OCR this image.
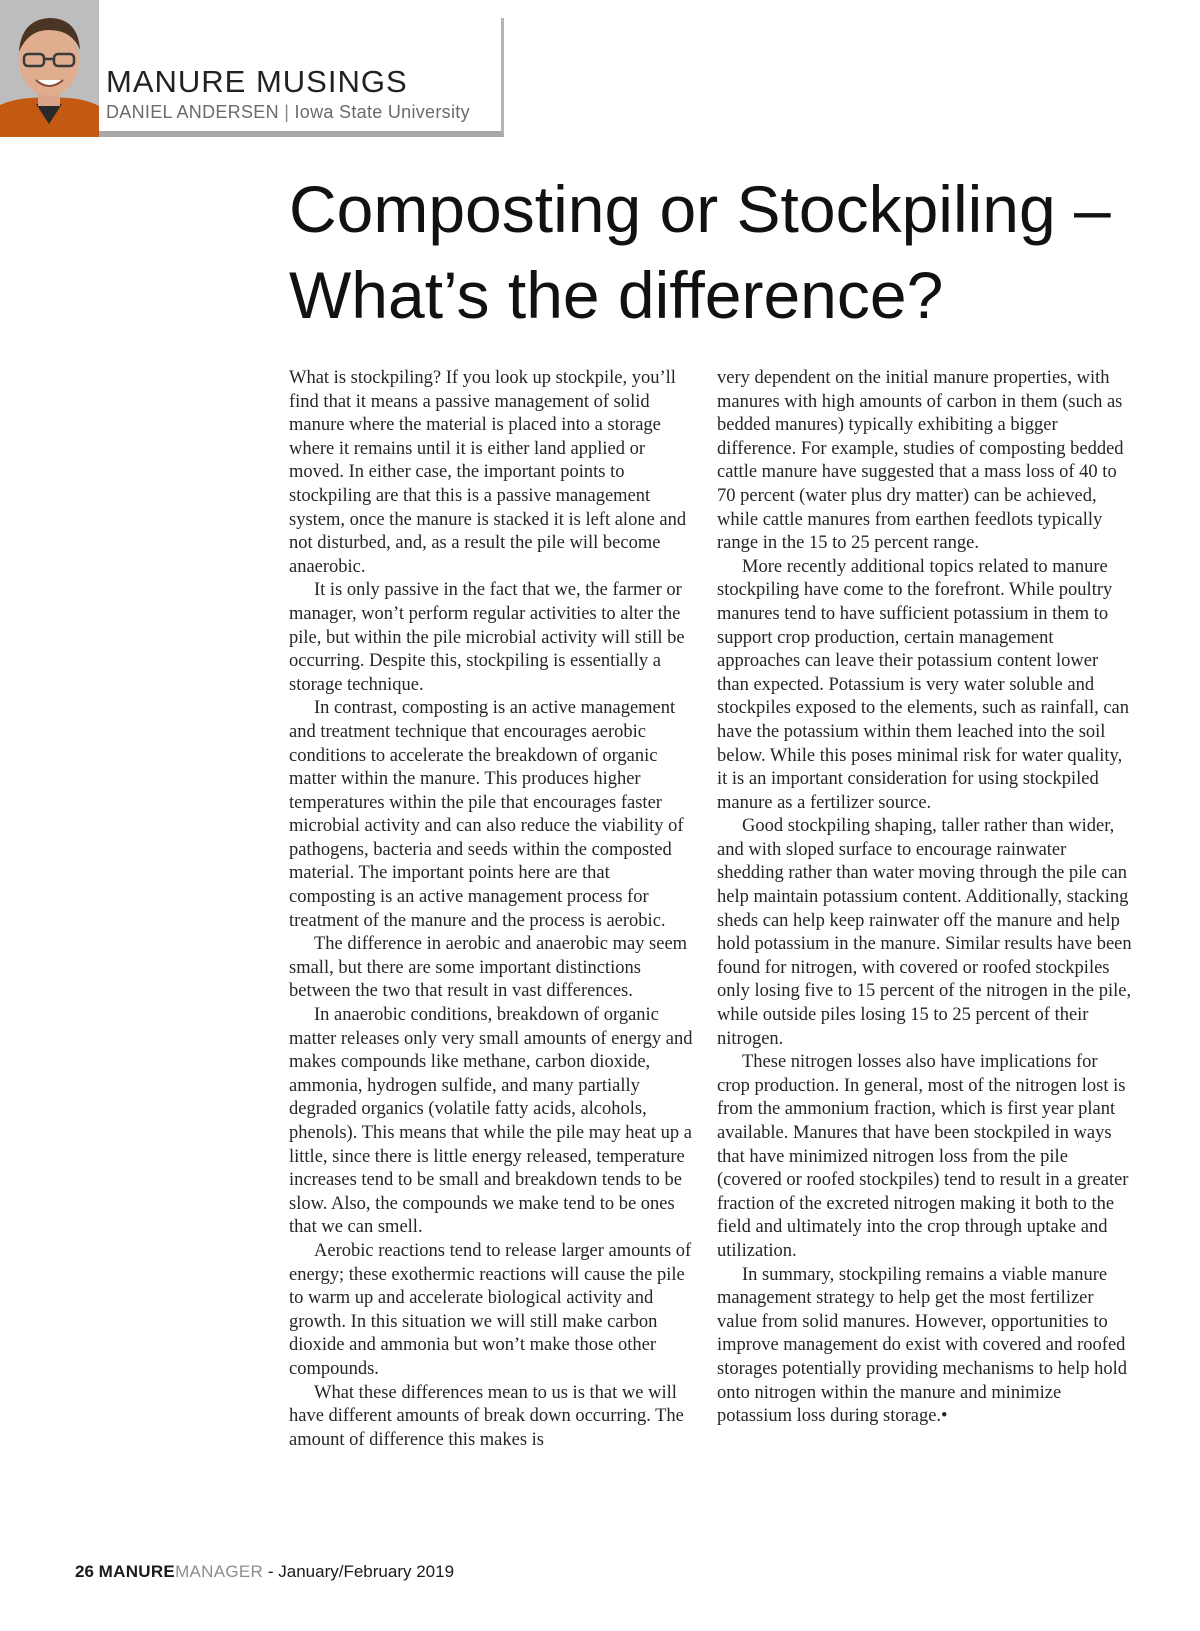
MANURE MUSINGS
DANIEL ANDERSEN | Iowa State University
Composting or Stockpiling –
What’s the difference?

What is stockpiling? If you look up stockpile, you’ll find that it means a passive management of solid manure where the material is placed into a storage where it remains until it is either land applied or moved. In either case, the important points to stockpiling are that this is a passive management system, once the manure is stacked it is left alone and not disturbed, and, as a result the pile will become anaerobic.

It is only passive in the fact that we, the farmer or manager, won’t perform regular activities to alter the pile, but within the pile microbial activity will still be occurring. Despite this, stockpiling is essentially a storage technique.

In contrast, composting is an active management and treatment technique that encourages aerobic conditions to accelerate the breakdown of organic matter within the manure. This produces higher temperatures within the pile that encourages faster microbial activity and can also reduce the viability of pathogens, bacteria and seeds within the composted material. The important points here are that composting is an active management process for treatment of the manure and the process is aerobic.

The difference in aerobic and anaerobic may seem small, but there are some important distinctions between the two that result in vast differences.

In anaerobic conditions, breakdown of organic matter releases only very small amounts of energy and makes compounds like methane, carbon dioxide, ammonia, hydrogen sulfide, and many partially degraded organics (volatile fatty acids, alcohols, phenols). This means that while the pile may heat up a little, since there is little energy released, temperature increases tend to be small and breakdown tends to be slow. Also, the compounds we make tend to be ones that we can smell.

Aerobic reactions tend to release larger amounts of energy; these exothermic reactions will cause the pile to warm up and accelerate biological activity and growth. In this situation we will still make carbon dioxide and ammonia but won’t make those other compounds.

What these differences mean to us is that we will have different amounts of break down occurring. The amount of difference this makes is

very dependent on the initial manure properties, with manures with high amounts of carbon in them (such as bedded manures) typically exhibiting a bigger difference. For example, studies of composting bedded cattle manure have suggested that a mass loss of 40 to 70 percent (water plus dry matter) can be achieved, while cattle manures from earthen feedlots typically range in the 15 to 25 percent range.

More recently additional topics related to manure stockpiling have come to the forefront. While poultry manures tend to have sufficient potassium in them to support crop production, certain management approaches can leave their potassium content lower than expected. Potassium is very water soluble and stockpiles exposed to the elements, such as rainfall, can have the potassium within them leached into the soil below. While this poses minimal risk for water quality, it is an important consideration for using stockpiled manure as a fertilizer source.

Good stockpiling shaping, taller rather than wider, and with sloped surface to encourage rainwater shedding rather than water moving through the pile can help maintain potassium content. Additionally, stacking sheds can help keep rainwater off the manure and help hold potassium in the manure. Similar results have been found for nitrogen, with covered or roofed stockpiles only losing five to 15 percent of the nitrogen in the pile, while outside piles losing 15 to 25 percent of their nitrogen.

These nitrogen losses also have implications for crop production. In general, most of the nitrogen lost is from the ammonium fraction, which is first year plant available. Manures that have been stockpiled in ways that have minimized nitrogen loss from the pile (covered or roofed stockpiles) tend to result in a greater fraction of the excreted nitrogen making it both to the field and ultimately into the crop through uptake and utilization.

In summary, stockpiling remains a viable manure management strategy to help get the most fertilizer value from solid manures. However, opportunities to improve management do exist with covered and roofed storages potentially providing mechanisms to help hold onto nitrogen within the manure and minimize potassium loss during storage.•

26 MANUREMANAGER - January/February 2019
